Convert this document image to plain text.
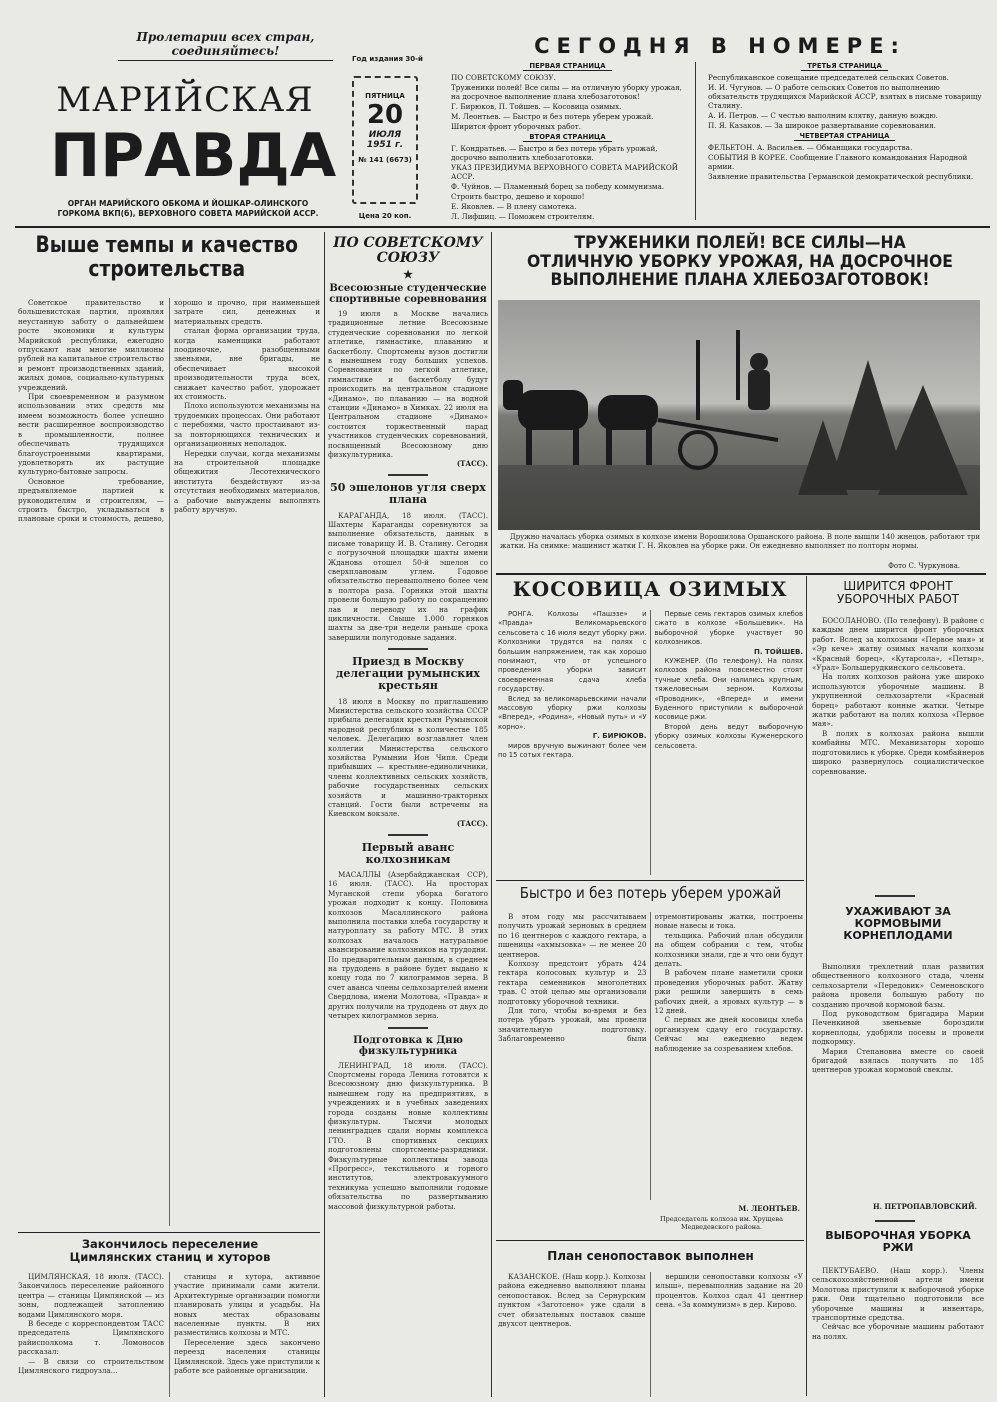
Пролетарии всех стран, соединяйтесь!
МАРИЙСКАЯ
ПРАВДА
ОРГАН МАРИЙСКОГО ОБКОМА И ЙОШКАР-ОЛИНСКОГО ГОРКОМА ВКП(б), ВЕРХОВНОГО СОВЕТА МАРИЙСКОЙ АССР.
Год издания 30-й
ПЯТНИЦА
20
ИЮЛЯ
1951 г.
№ 141 (6673)
Цена 20 коп.
СЕГОДНЯ В НОМЕРЕ:
ПЕРВАЯ СТРАНИЦА

ПО СОВЕТСКОМУ СОЮЗУ.

Труженики полей! Все силы — на отличную уборку урожая, на досрочное выполнение плана хлебозаготовок!

Г. Бирюков, П. Тойшев. — Косовица озимых.

М. Леонтьев. — Быстро и без потерь уберем урожай.

Ширится фронт уборочных работ.

ВТОРАЯ СТРАНИЦА

Г. Кондратьев. — Быстро и без потерь убрать урожай, досрочно выполнить хлебозаготовки.

УКАЗ ПРЕЗИДИУМА ВЕРХОВНОГО СОВЕТА МАРИЙСКОЙ АССР.

Ф. Чуйнов. — Пламенный борец за победу коммунизма.

Строить быстро, дешево и хорошо!

Е. Яковлев. — В плену самотека.

Л. Лифшиц. — Поможем строителям.

ТРЕТЬЯ СТРАНИЦА

Республиканское совещание председателей сельских Советов.

И. И. Чугунов. — О работе сельских Советов по выполнению обязательств трудящихся Марийской АССР, взятых в письме товарищу Сталину.

А. И. Петров. — С честью выполним клятву, данную вождю.

П. Я. Казаков. — За широкое развертывание соревнования.

ЧЕТВЕРТАЯ СТРАНИЦА

ФЕЛЬЕТОН. А. Васильев. — Обманщики государства.

СОБЫТИЯ В КОРЕЕ. Сообщение Главного командования Народной армии.

Заявление правительства Германской демократической республики.

Выше темпы и качество строительства

Советское правительство и большевистская партия, проявляя неустанную заботу о дальнейшем росте экономики и культуры Марийской республики, ежегодно отпускают нам многие миллионы рублей на капитальное строительство и ремонт производственных зданий, жилых домов, социально-культурных учреждений.

При своевременном и разумном использовании этих средств мы имеем возможность более успешно вести расширенное воспроизводство в промышленности, полнее обеспечивать трудящихся благоустроенными квартирами, удовлетворять их растущие культурно-бытовые запросы.

Основное требование, предъявляемое партией к руководителям и строителям, — строить быстро, укладываться в плановые сроки и стоимость, дешево, хорошо и прочно, при наименьшей затрате сил, денежных и материальных средств.

сталая форма организации труда, когда каменщики работают поодиночке, разобщенными звеньями, вне бригады, не обеспечивает высокой производительности труда всех, снижает качество работ, удорожает их стоимость.

Плохо используются механизмы на трудоемких процессах. Они работают с перебоями, часто простаивают из-за повторяющихся технических и организационных неполадок.

Нередки случаи, когда механизмы на строительной площадке общежития Лесотехнического института бездействуют из-за отсутствия необходимых материалов, а рабочие вынуждены выполнять работу вручную.

Закончилось переселение Цимлянских станиц и хуторов

ЦИМЛЯНСКАЯ, 18 июля. (ТАСС). Закончилось переселение районного центра — станицы Цимлянской — из зоны, подлежащей затоплению водами Цимлянского моря.

В беседе с корреспондентом ТАСС председатель Цимлянского райисполкома т. Ломоносов рассказал:

— В связи со строительством Цимлянского гидроузла...

станицы и хутора, активное участие принимали сами жители. Архитектурные организации помогли планировать улицы и усадьбы. На новых местах образованы населенные пункты. В них разместились колхозы и МТС.

Переселение здесь закончено переезд населения станицы Цимлянской. Здесь уже приступили к работе все районные организации.

ПО СОВЕТСКОМУ СОЮЗУ
★
Всесоюзные студенческие спортивные соревнования

19 июля в Москве начались традиционные летние Всесоюзные студенческие соревнования по легкой атлетике, гимнастике, плаванию и баскетболу. Спортсмены вузов достигли в нынешнем году больших успехов. Соревнования по легкой атлетике, гимнастике и баскетболу будут происходить на центральном стадионе «Динамо», по плаванию — на водной станции «Динамо» в Химках. 22 июля на Центральном стадионе «Динамо» состоится торжественный парад участников студенческих соревнований, посвященный Всесоюзному дню физкультурника.

(ТАСС).
50 эшелонов угля сверх плана

КАРАГАНДА, 18 июля. (ТАСС). Шахтеры Караганды соревнуются за выполнение обязательств, данных в письме товарищу И. В. Сталину. Сегодня с погрузочной площадки шахты имени Жданова отошел 50-й эшелон со сверхплановым углем. Годовое обязательство перевыполнено более чем в полтора раза. Горняки этой шахты провели большую работу по сокращению лав и переводу их на график цикличности. Свыше 1.000 горняков шахты за две-три недели раньше срока завершили полугодовые задания.

Приезд в Москву делегации румынских крестьян

18 июля в Москву по приглашению Министерства сельского хозяйства СССР прибыла делегация крестьян Румынской народной республики в количестве 185 человек. Делегацию возглавляет член коллегии Министерства сельского хозяйства Румынии Ион Чипя. Среди прибывших — крестьяне-единоличники, члены коллективных сельских хозяйств, рабочие государственных сельских хозяйств и машинно-тракторных станций. Гости были встречены на Киевском вокзале.

(ТАСС).
Первый аванс колхозникам

МАСАЛЛЫ (Азербайджанская ССР), 16 июля. (ТАСС). На просторах Муганской степи уборка богатого урожая подходит к концу. Половина колхозов Масаллинского района выполнила поставки хлеба государству и натуроплату за работу МТС. В этих колхозах началось натуральное авансирование колхозников на трудодни. По предварительным данным, в среднем на трудодень в районе будет выдано к концу года по 7 килограммов зерна. В счет аванса члены сельхозартелей имени Свердлова, имени Молотова, «Правда» и других получили на трудодень от двух до четырех килограммов зерна.

Подготовка к Дню физкультурника

ЛЕНИНГРАД, 18 июля. (ТАСС). Спортсмены города Ленина готовятся к Всесоюзному дню физкультурника. В нынешнем году на предприятиях, в учреждениях и в учебных заведениях города созданы новые коллективы физкультуры. Тысячи молодых ленинградцев сдали нормы комплекса ГТО. В спортивных секциях подготовлены спортсмены-разрядники. Физкультурные коллективы завода «Прогресс», текстильного и горного институтов, электровакуумного техникума успешно выполнили годовые обязательства по развертыванию массовой физкультурной работы.

ТРУЖЕНИКИ ПОЛЕЙ! ВСЕ СИЛЫ—НА ОТЛИЧНУЮ УБОРКУ УРОЖАЯ, НА ДОСРОЧНОЕ ВЫПОЛНЕНИЕ ПЛАНА ХЛЕБОЗАГОТОВОК!

Дружно началась уборка озимых в колхозе имени Ворошилова Оршанского района. В поле вышли 140 жнецов, работают три жатки. На снимке: машинист жатки Г. Н. Яковлев на уборке ржи. Он ежедневно выполняет по полторы нормы.

Фото С. Чуркунова.
КОСОВИЦА ОЗИМЫХ

РОНГА. Колхозы «Пашэзе» и «Правда» Великомарьевского сельсовета с 16 июля ведут уборку ржи. Колхозники трудятся на полях с большим напряжением, так как хорошо понимают, что от успешного проведения уборки зависит своевременная сдача хлеба государству.

Вслед за великомарьевскими начали массовую уборку ржи колхозы «Вперед», «Родина», «Новый путь» и «У корно».

Г. БИРЮКОВ.

миров вручную выжинают более чем по 15 сотых гектара.

Первые семь гектаров озимых хлебов сжато в колхозе «Большевик». На выборочной уборке участвует 90 колхозников.

П. ТОЙШЕВ.

КУЖЕНЕР. (По телефону). На полях колхозов района повсеместно стоят тучные хлеба. Они налились крупным, тяжеловесным зерном. Колхозы «Проводник», «Вперед» и имени Буденного приступили к выборочной косовице ржи.

Второй день ведут выборочную уборку озимых колхозы Куженерского сельсовета.

ШИРИТСЯ ФРОНТ УБОРОЧНЫХ РАБОТ

БОСОЛАНОВО. (По телефону). В районе с каждым днем ширится фронт уборочных работ. Вслед за колхозами «Первое мая» и «Эр кече» жатву озимых начали колхозы «Красный борец», «Кутарсола», «Петыр», «Урал» Большерудкинского сельсовета.

На полях колхозов района уже широко используются уборочные машины. В укрупненной сельхозартели «Красный борец» работают конные жатки. Четыре жатки работают на полях колхоза «Первое мая».

В полях в колхозах района вышли комбайны МТС. Механизаторы хорошо подготовились к уборке. Среди комбайнеров широко развернулось социалистическое соревнование.

Быстро и без потерь уберем урожай

В этом году мы рассчитываем получить урожай зерновых в среднем по 16 центнеров с каждого гектара, а пшеницы «ахмызовка» — не менее 20 центнеров.

Колхозу предстоит убрать 424 гектара колосовых культур и 23 гектара семенников многолетних трав. С этой целью мы организовали подготовку уборочной техники.

Для того, чтобы во-время и без потерь убрать урожай, мы провели значительную подготовку. Заблаговременно были отремонтированы жатки, построены новые навесы и тока.

тельщика. Рабочий план обсудили на общем собрании с тем, чтобы колхозники знали, где и что они будут делать.

В рабочем плане наметили сроки проведения уборочных работ. Жатву ржи решили завершить в семь рабочих дней, а яровых культур — в 12 дней.

С первых же дней косовицы хлеба организуем сдачу его государству. Сейчас мы ежедневно ведем наблюдение за созреванием хлебов.

М. ЛЕОНТЬЕВ.
Председатель колхоза им. Хрущева Медведевского района.
План сенопоставок выполнен

КАЗАНСКОЕ. (Наш корр.). Колхозы района ежедневно выполняют планы сенопоставок. Вслед за Сернурским пунктом «Заготсено» уже сдали в счет обязательных поставок свыше двухсот центнеров.

вершили сенопоставки колхозы «У илыш», перевыполнив задание на 20 процентов. Колхоз сдал 41 центнер сена. «За коммунизм» в дер. Кирово.

УХАЖИВАЮТ ЗА КОРМОВЫМИ КОРНЕПЛОДАМИ

Выполняя трехлетний план развития общественного колхозного стада, члены сельхозартели «Передовик» Семеновского района провели большую работу по созданию прочной кормовой базы.

Под руководством бригадира Марии Печенкиной звеньевые бороздили корнеплоды, удобряли посевы и провели подкормку.

Мария Степановна вместе со своей бригадой взялась получить по 185 центнеров урожая кормовой свеклы.

Н. ПЕТРОПАВЛОВСКИЙ.
ВЫБОРОЧНАЯ УБОРКА РЖИ

ПЕКТУБАЕВО. (Наш корр.). Члены сельскохозяйственной артели имени Молотова приступили к выборочной уборке ржи. Они тщательно подготовили все уборочные машины и инвентарь, транспортные средства.

Сейчас все уборочные машины работают на полях.
